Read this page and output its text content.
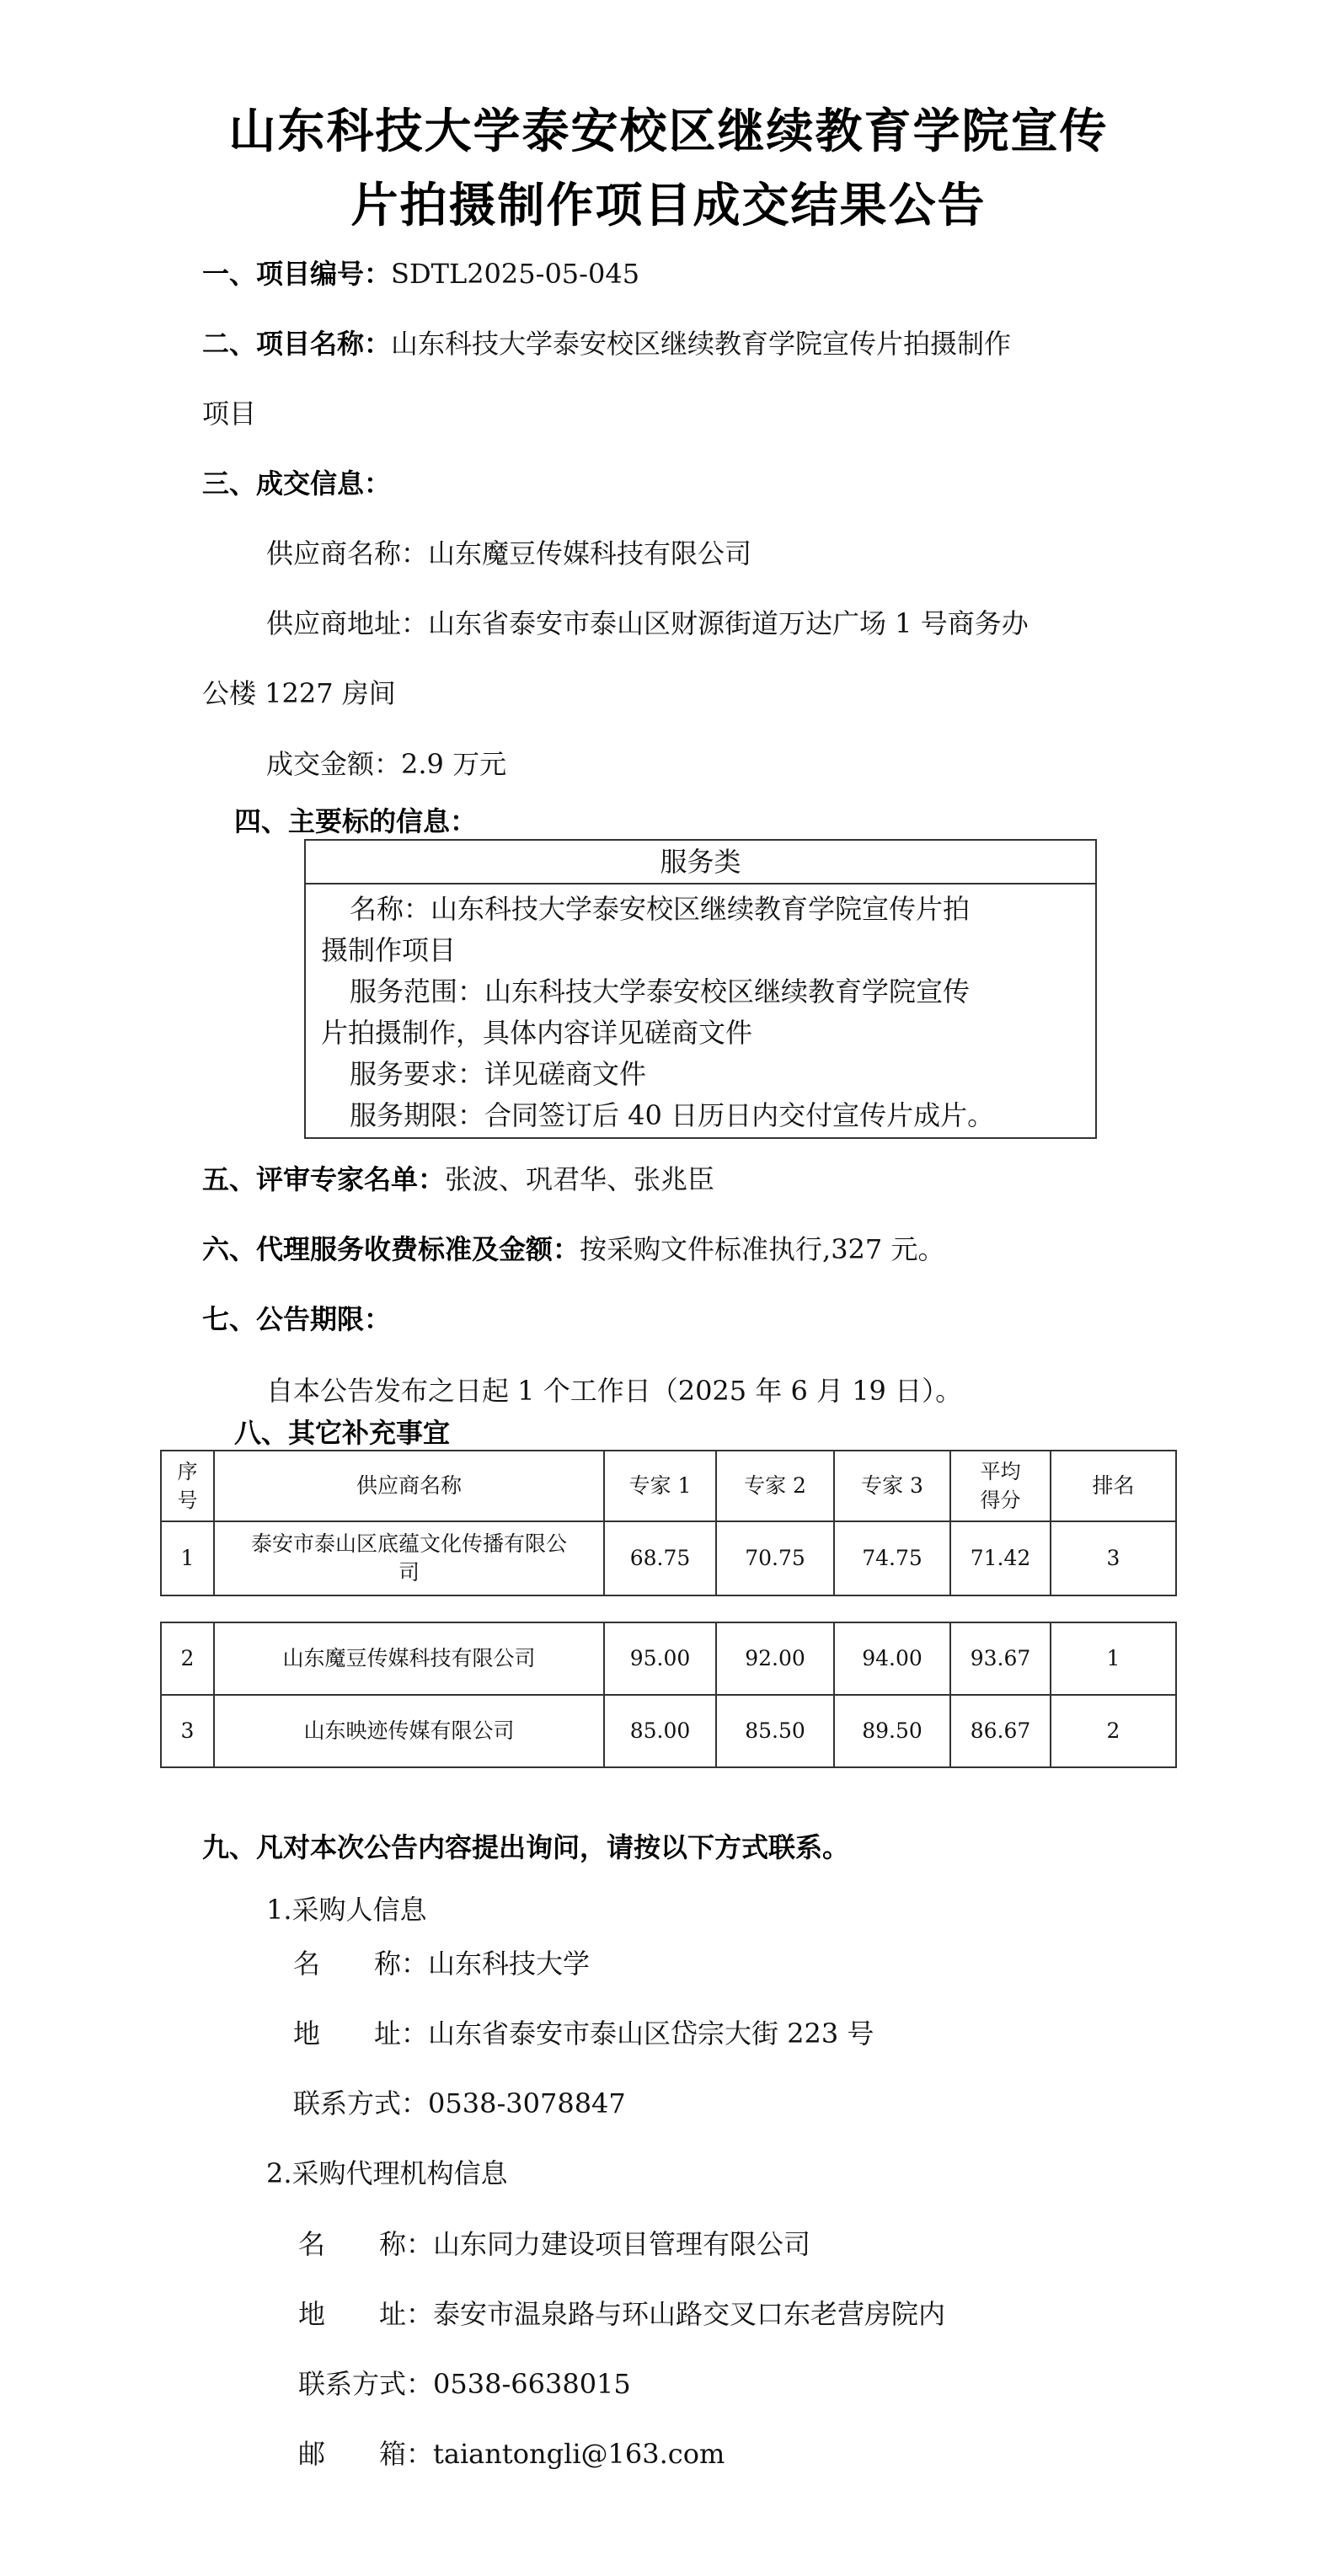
山东科技大学泰安校区继续教育学院宣传
片拍摄制作项目成交结果公告
一、项目编号：SDTL2025-05-045
二、项目名称：山东科技大学泰安校区继续教育学院宣传片拍摄制作
项目
三、成交信息：
供应商名称：山东魔豆传媒科技有限公司
供应商地址：山东省泰安市泰山区财源街道万达广场 1 号商务办
公楼 1227 房间
成交金额：2.9 万元
四、主要标的信息：
服务类
名称：山东科技大学泰安校区继续教育学院宣传片拍
摄制作项目
服务范围：山东科技大学泰安校区继续教育学院宣传
片拍摄制作，具体内容详见磋商文件
服务要求：详见磋商文件
服务期限：合同签订后 40 日历日内交付宣传片成片。
五、评审专家名单：张波、巩君华、张兆臣
六、代理服务收费标准及金额：按采购文件标准执行,327 元。
七、公告期限：
自本公告发布之日起 1 个工作日（2025 年 6 月 19 日）。
八、其它补充事宜
序
号	供应商名称	专家 1	专家 2	专家 3	平均
得分	排名
1	泰安市泰山区底蕴文化传播有限公
司	68.75	70.75	74.75	71.42	3
2	山东魔豆传媒科技有限公司	95.00	92.00	94.00	93.67	1
3	山东映迹传媒有限公司	85.00	85.50	89.50	86.67	2
九、凡对本次公告内容提出询问，请按以下方式联系。
1.采购人信息
名　　称：山东科技大学
地　　址：山东省泰安市泰山区岱宗大街 223 号
联系方式：0538-3078847
2.采购代理机构信息
名　　称：山东同力建设项目管理有限公司
地　　址：泰安市温泉路与环山路交叉口东老营房院内
联系方式：0538-6638015
邮　　箱：taiantongli@163.com
